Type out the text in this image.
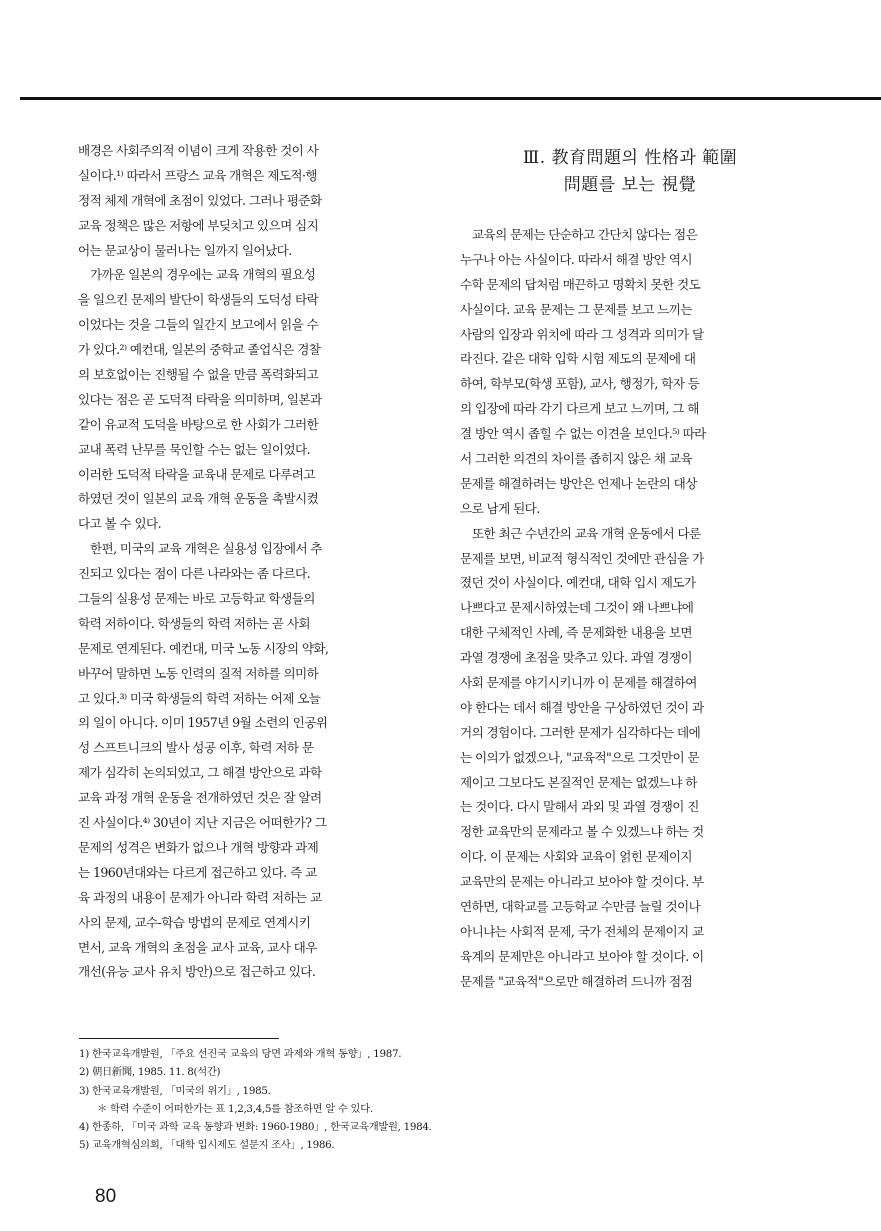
배경은 사회주의적 이념이 크게 작용한 것이 사
실이다.¹⁾ 따라서 프랑스 교육 개혁은 제도적·행
정적 체제 개혁에 초점이 있었다. 그러나 평준화
교육 정책은 많은 저항에 부딪치고 있으며 심지
어는 문교상이 물러나는 일까지 일어났다.
　가까운 일본의 경우에는 교육 개혁의 필요성
을 일으킨 문제의 발단이 학생들의 도덕성 타락
이었다는 것을 그들의 일간지 보고에서 읽을 수
가 있다.²⁾ 예컨대, 일본의 중학교 졸업식은 경찰
의 보호없이는 진행될 수 없을 만큼 폭력화되고
있다는 점은 곧 도덕적 타락을 의미하며, 일본과
같이 유교적 도덕을 바탕으로 한 사회가 그러한
교내 폭력 난무를 묵인할 수는 없는 일이었다.
이러한 도덕적 타락을 교육내 문제로 다루려고
하였던 것이 일본의 교육 개혁 운동을 촉발시켰
다고 볼 수 있다.
　한편, 미국의 교육 개혁은 실용성 입장에서 추
진되고 있다는 점이 다른 나라와는 좀 다르다.
그들의 실용성 문제는 바로 고등학교 학생들의
학력 저하이다. 학생들의 학력 저하는 곧 사회
문제로 연계된다. 예컨대, 미국 노동 시장의 약화,
바꾸어 말하면 노동 인력의 질적 저하를 의미하
고 있다.³⁾ 미국 학생들의 학력 저하는 어제 오늘
의 일이 아니다. 이미 1957년 9월 소련의 인공위
성 스프트니크의 발사 성공 이후, 학력 저하 문
제가 심각히 논의되었고, 그 해결 방안으로 과학
교육 과정 개혁 운동을 전개하였던 것은 잘 알려
진 사실이다.⁴⁾ 30년이 지난 지금은 어떠한가? 그
문제의 성격은 변화가 없으나 개혁 방향과 과제
는 1960년대와는 다르게 접근하고 있다. 즉 교
육 과정의 내용이 문제가 아니라 학력 저하는 교
사의 문제, 교수-학습 방법의 문제로 연계시키
면서, 교육 개혁의 초점을 교사 교육, 교사 대우
개선(유능 교사 유치 방안)으로 접근하고 있다.

Ⅲ. 教育問題의 性格과 範圍
問題를 보는 視覺

　교육의 문제는 단순하고 간단치 않다는 점은
누구나 아는 사실이다. 따라서 해결 방안 역시
수학 문제의 답처럼 매끈하고 명확치 못한 것도
사실이다. 교육 문제는 그 문제를 보고 느끼는
사람의 입장과 위치에 따라 그 성격과 의미가 달
라진다. 같은 대학 입학 시험 제도의 문제에 대
하여, 학부모(학생 포함), 교사, 행정가, 학자 등
의 입장에 따라 각기 다르게 보고 느끼며, 그 해
결 방안 역시 좁힐 수 없는 이견을 보인다.⁵⁾ 따라
서 그러한 의견의 차이를 좁히지 않은 채 교육
문제를 해결하려는 방안은 언제나 논란의 대상
으로 남게 된다.
　또한 최근 수년간의 교육 개혁 운동에서 다룬
문제를 보면, 비교적 형식적인 것에만 관심을 가
졌던 것이 사실이다. 예컨대, 대학 입시 제도가
나쁘다고 문제시하였는데 그것이 왜 나쁘냐에
대한 구체적인 사례, 즉 문제화한 내용을 보면
과열 경쟁에 초점을 맞추고 있다. 과열 경쟁이
사회 문제를 야기시키니까 이 문제를 해결하여
야 한다는 데서 해결 방안을 구상하였던 것이 과
거의 경험이다. 그러한 문제가 심각하다는 데에
는 이의가 없겠으나, "교육적"으로 그것만이 문
제이고 그보다도 본질적인 문제는 없겠느냐 하
는 것이다. 다시 말해서 과외 및 과열 경쟁이 진
정한 교육만의 문제라고 볼 수 있겠느냐 하는 것
이다. 이 문제는 사회와 교육이 얽힌 문제이지
교육만의 문제는 아니라고 보아야 할 것이다. 부
연하면, 대학교를 고등학교 수만큼 늘릴 것이나
아니냐는 사회적 문제, 국가 전체의 문제이지 교
육계의 문제만은 아니라고 보아야 할 것이다. 이
문제를 "교육적"으로만 해결하려 드니까 점점

1) 한국교육개발원, 「주요 선진국 교육의 당면 과제와 개혁 동향」, 1987.
2) 朝日新聞, 1985. 11. 8(석간)
3) 한국교육개발원, 「미국의 위기」, 1985.
＊ 학력 수준이 어떠한가는 표 1,2,3,4,5를 참조하면 알 수 있다.
4) 한종하, 「미국 과학 교육 동향과 변화: 1960-1980」, 한국교육개발원, 1984.
5) 교육개혁심의회, 「대학 입시제도 설문지 조사」, 1986.
80
